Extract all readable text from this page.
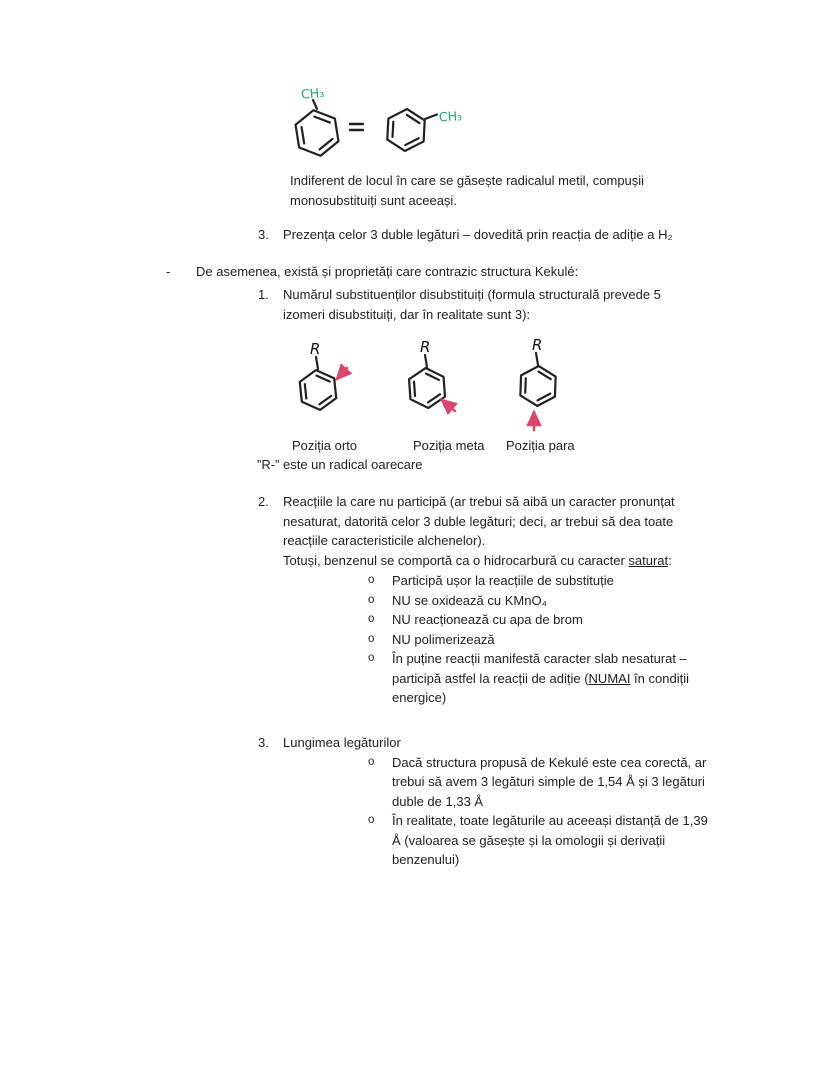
CH₃
CH₃
Indiferent de locul în care se găsește radicalul metil, compușii
monosubstituiți sunt aceeași.
3. Prezența celor 3 duble legături – dovedită prin reacția de adiție a H₂
- De asemenea, există și proprietăți care contrazic structura Kekulé:
1. Numărul substituenților disubstituiți (formula structurală prevede 5
izomeri disubstituiți, dar în realitate sunt 3):
R	R	R
Poziția orto	Poziția meta Poziția para
”R-” este un radical oarecare
2. Reacțiile la care nu participă (ar trebui să aibă un caracter pronunțat
nesaturat, datorită celor 3 duble legături; deci, ar trebui să dea toate
reacțiile caracteristicile alchenelor).
Totuși, benzenul se comportă ca o hidrocarbură cu caracter saturat:
o Participă ușor la reacțiile de substituție
o NU se oxidează cu KMnO₄
o NU reacționează cu apa de brom
o NU polimerizează
o În puține reacții manifestă caracter slab nesaturat –
participă astfel la reacții de adiție (NUMAI în condiții
energice)
3. Lungimea legăturilor
o Dacă structura propusă de Kekulé este cea corectă, ar
trebui să avem 3 legături simple de 1,54 Å și 3 legături
duble de 1,33 Å
o În realitate, toate legăturile au aceeași distanță de 1,39
Å (valoarea se găsește și la omologii și derivații
benzenului)
